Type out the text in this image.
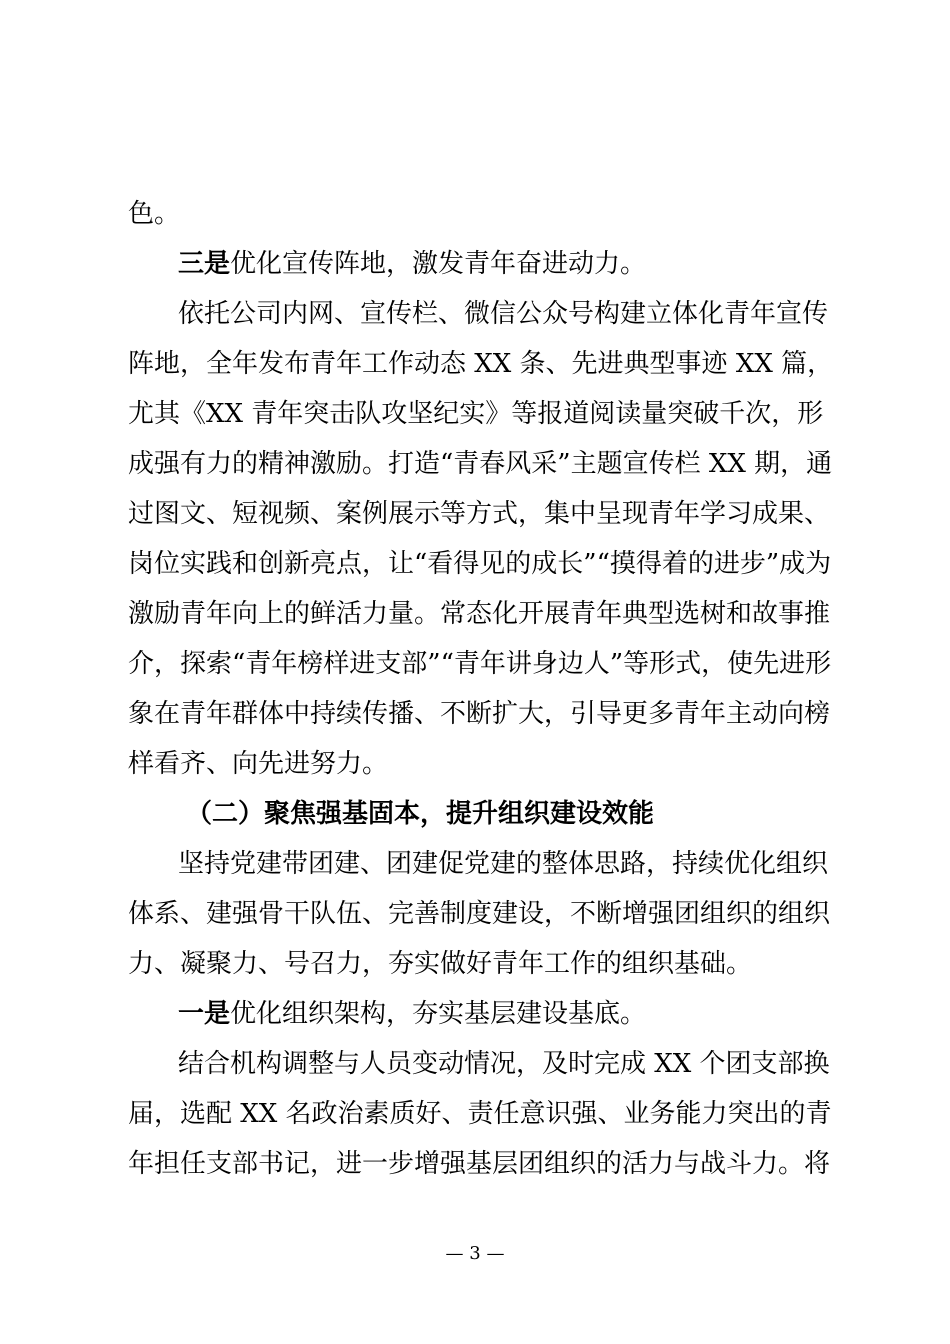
色。
三是优化宣传阵地，激发青年奋进动力。
依托公司内网、宣传栏、微信公众号构建立体化青年宣传
阵地，全年发布青年工作动态 XX 条、先进典型事迹 XX 篇，
尤其《XX 青年突击队攻坚纪实》等报道阅读量突破千次，形
成强有力的精神激励。打造“青春风采”主题宣传栏 XX 期，通
过图文、短视频、案例展示等方式，集中呈现青年学习成果、
岗位实践和创新亮点，让“看得见的成长”“摸得着的进步”成为
激励青年向上的鲜活力量。常态化开展青年典型选树和故事推
介，探索“青年榜样进支部”“青年讲身边人”等形式，使先进形
象在青年群体中持续传播、不断扩大，引导更多青年主动向榜
样看齐、向先进努力。
（二）聚焦强基固本，提升组织建设效能
坚持党建带团建、团建促党建的整体思路，持续优化组织
体系、建强骨干队伍、完善制度建设，不断增强团组织的组织
力、凝聚力、号召力，夯实做好青年工作的组织基础。
一是优化组织架构，夯实基层建设基底。
结合机构调整与人员变动情况，及时完成 XX 个团支部换
届，选配 XX 名政治素质好、责任意识强、业务能力突出的青
年担任支部书记，进一步增强基层团组织的活力与战斗力。将
— 3 —
